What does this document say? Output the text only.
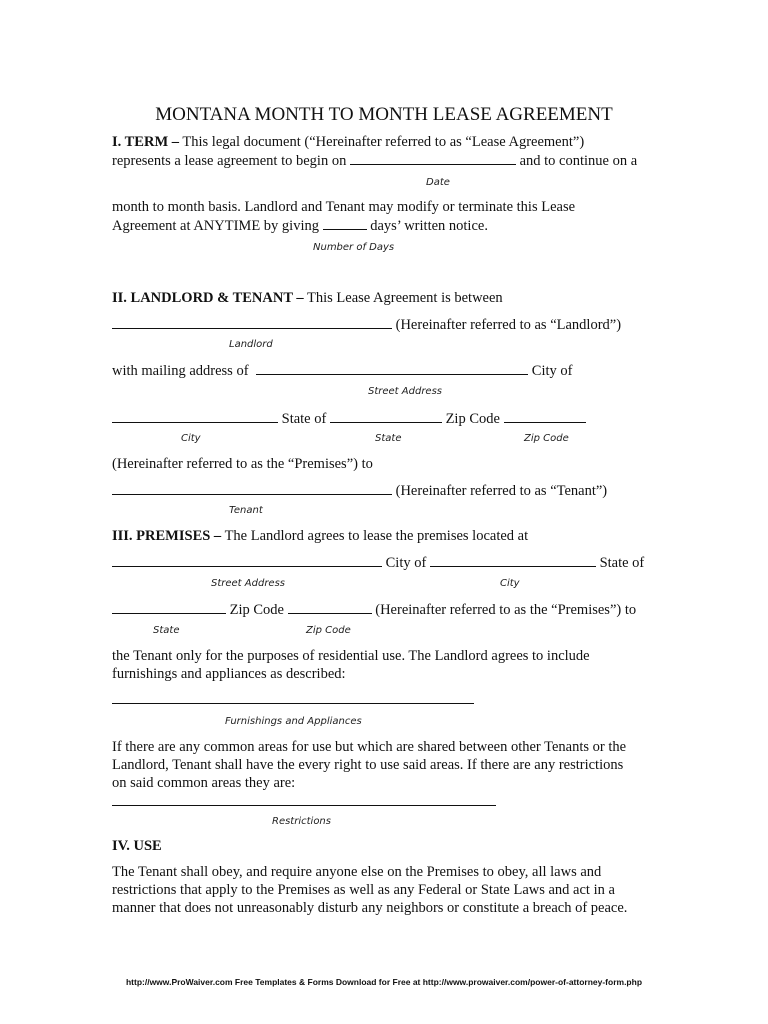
MONTANA MONTH TO MONTH LEASE AGREEMENT
I. TERM – This legal document (“Hereinafter referred to as “Lease Agreement”)
represents a lease agreement to begin on	and to continue on a
Date
month to month basis. Landlord and Tenant may modify or terminate this Lease
Agreement at ANYTIME by giving	days’ written notice.
Number of Days
II. LANDLORD & TENANT – This Lease Agreement is between
(Hereinafter referred to as “Landlord”)
Landlord
with mailing address of	City of
Street Address
State of	Zip Code
City	State	Zip Code
(Hereinafter referred to as the “Premises”) to
(Hereinafter referred to as “Tenant”)
Tenant
III. PREMISES – The Landlord agrees to lease the premises located at
City of	State of
Street Address	City
Zip Code	(Hereinafter referred to as the “Premises”) to
State	Zip Code
the Tenant only for the purposes of residential use. The Landlord agrees to include
furnishings and appliances as described:
Furnishings and Appliances
If there are any common areas for use but which are shared between other Tenants or the
Landlord, Tenant shall have the every right to use said areas. If there are any restrictions
on said common areas they are:
Restrictions
IV. USE
The Tenant shall obey, and require anyone else on the Premises to obey, all laws and
restrictions that apply to the Premises as well as any Federal or State Laws and act in a
manner that does not unreasonably disturb any neighbors or constitute a breach of peace.
http://www.ProWaiver.com Free Templates & Forms Download for Free at http://www.prowaiver.com/power-of-attorney-form.php
